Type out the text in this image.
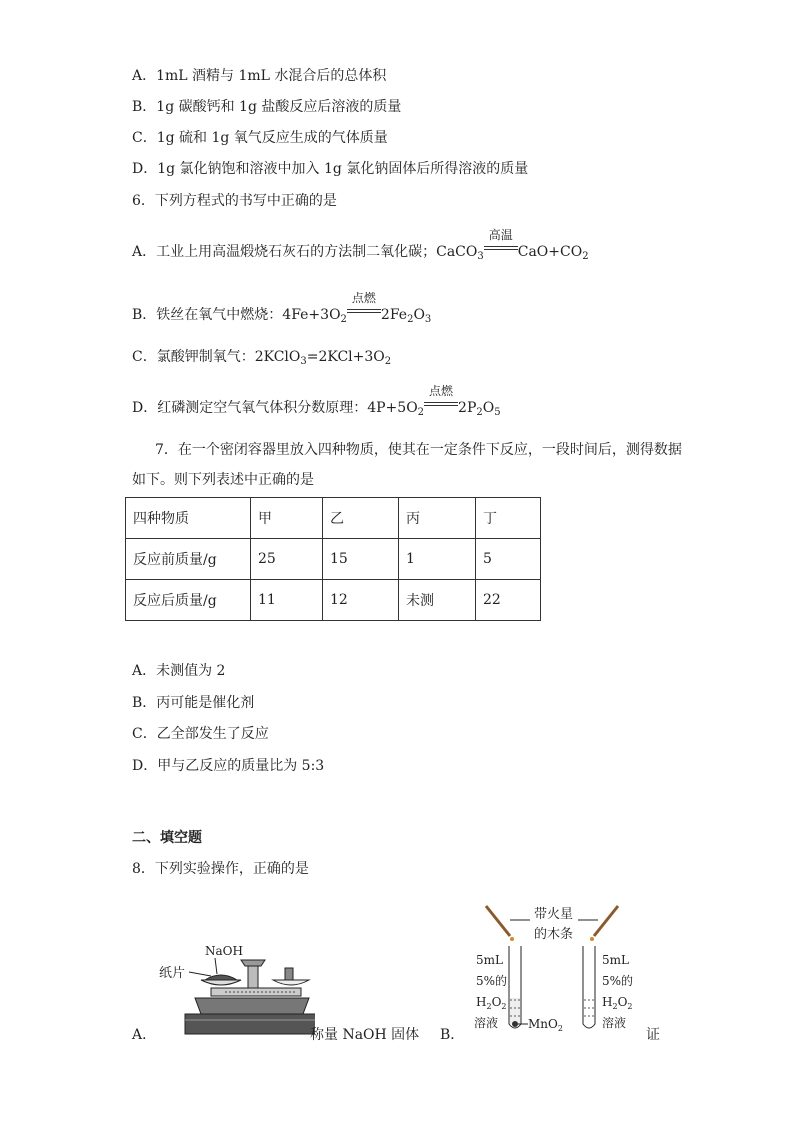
A．1mL 酒精与 1mL 水混合后的总体积
B．1g 碳酸钙和 1g 盐酸反应后溶液的质量
C．1g 硫和 1g 氧气反应生成的气体质量
D．1g 氯化钠饱和溶液中加入 1g 氯化钠固体后所得溶液的质量
6．下列方程式的书写中正确的是
A．工业上用高温煅烧石灰石的方法制二氧化碳；CaCO$_3$
高温
$CaO+CO_2$
B．铁丝在氧气中燃烧：$4Fe+3O_2$
点燃
$2Fe_2O_3$
C．氯酸钾制氧气：$2KClO_3=2KCl+3O_2$
D．红磷测定空气氧气体积分数原理：$4P+5O_2$
点燃
$2P_2O_5$
7．在一个密闭容器里放入四种物质，使其在一定条件下反应，一段时间后，测得数据
如下。则下列表述中正确的是
四种物质	甲	乙	丙	丁
反应前质量/g	25	15	1	5
反应后质量/g	11	12	未测	22
A．未测值为 2
B．丙可能是催化剂
C．乙全部发生了反应
D．甲与乙反应的质量比为 5:3
二、填空题
8．下列实验操作，正确的是
A．
NaOH
纸片
称量 NaOH 固体 B．
带火星
的木条
5mL
5%的
$H_2O_2$
溶液 MnO$_2$
5mL
5%的
$H_2O_2$
溶液
证
